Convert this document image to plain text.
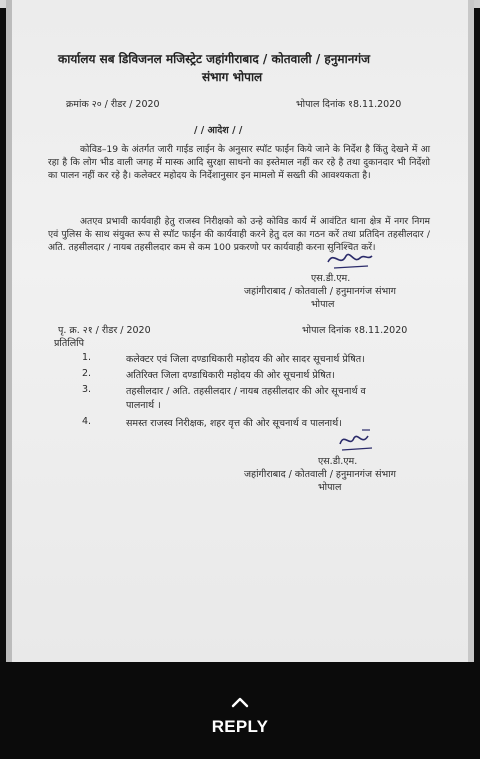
कार्यालय सब डिविजनल मजिस्ट्रेट जहांगीराबाद / कोतवाली / हनुमानगंज
संभाग भोपाल
क्रमांक २० / रीडर / 2020	भोपाल दिनांक १8.11.2020
/ / आदेश / /
कोविड–19 के अंतर्गत जारी गाईड लाईन के अनुसार स्पॉट फाईन किये जाने के निर्देश है किंतु देखने में आ रहा है कि लोग भीड वाली जगह में मास्क आदि सुरक्षा साधनो का इस्तेमाल नहीं कर रहे है तथा दुकानदार भी निर्देशो का पालन नहीं कर रहे है। कलेक्टर महोदय के निर्देशानुसार इन मामलो में सख्ती की आवश्यकता है।
अतएव प्रभावी कार्यवाही हेतु राजस्व निरीक्षको को उन्हे कोविड कार्य में आवंटित थाना क्षेत्र में नगर निगम एवं पुलिस के साथ संयुक्त रूप से स्पॉट फाईन की कार्यवाही करने हेतु दल का गठन करें तथा प्रतिदिन तहसीलदार / अति. तहसीलदार / नायब तहसीलदार कम से कम 100 प्रकरणो पर कार्यवाही करना सुनिश्चित करें।
एस.डी.एम.
जहांगीराबाद / कोतवाली / हनुमानगंज संभाग
भोपाल
पृ. क्र. २१ / रीडर / 2020	भोपाल दिनांक १8.11.2020
प्रतिलिपि
1.	कलेक्टर एवं जिला दण्डाधिकारी महोदय की ओर सादर सूचनार्थ प्रेषित।
2.	अतिरिक्त जिला दण्डाधिकारी महोदय की ओर सूचनार्थ प्रेषित।
3.	तहसीलदार / अति. तहसीलदार / नायब तहसीलदार की ओर सूचनार्थ व
पालनार्थ ।
4.	समस्त राजस्व निरीक्षक, शहर वृत्त की ओर सूचनार्थ व पालनार्थ।
एस.डी.एम.
जहांगीराबाद / कोतवाली / हनुमानगंज संभाग
भोपाल
REPLY
